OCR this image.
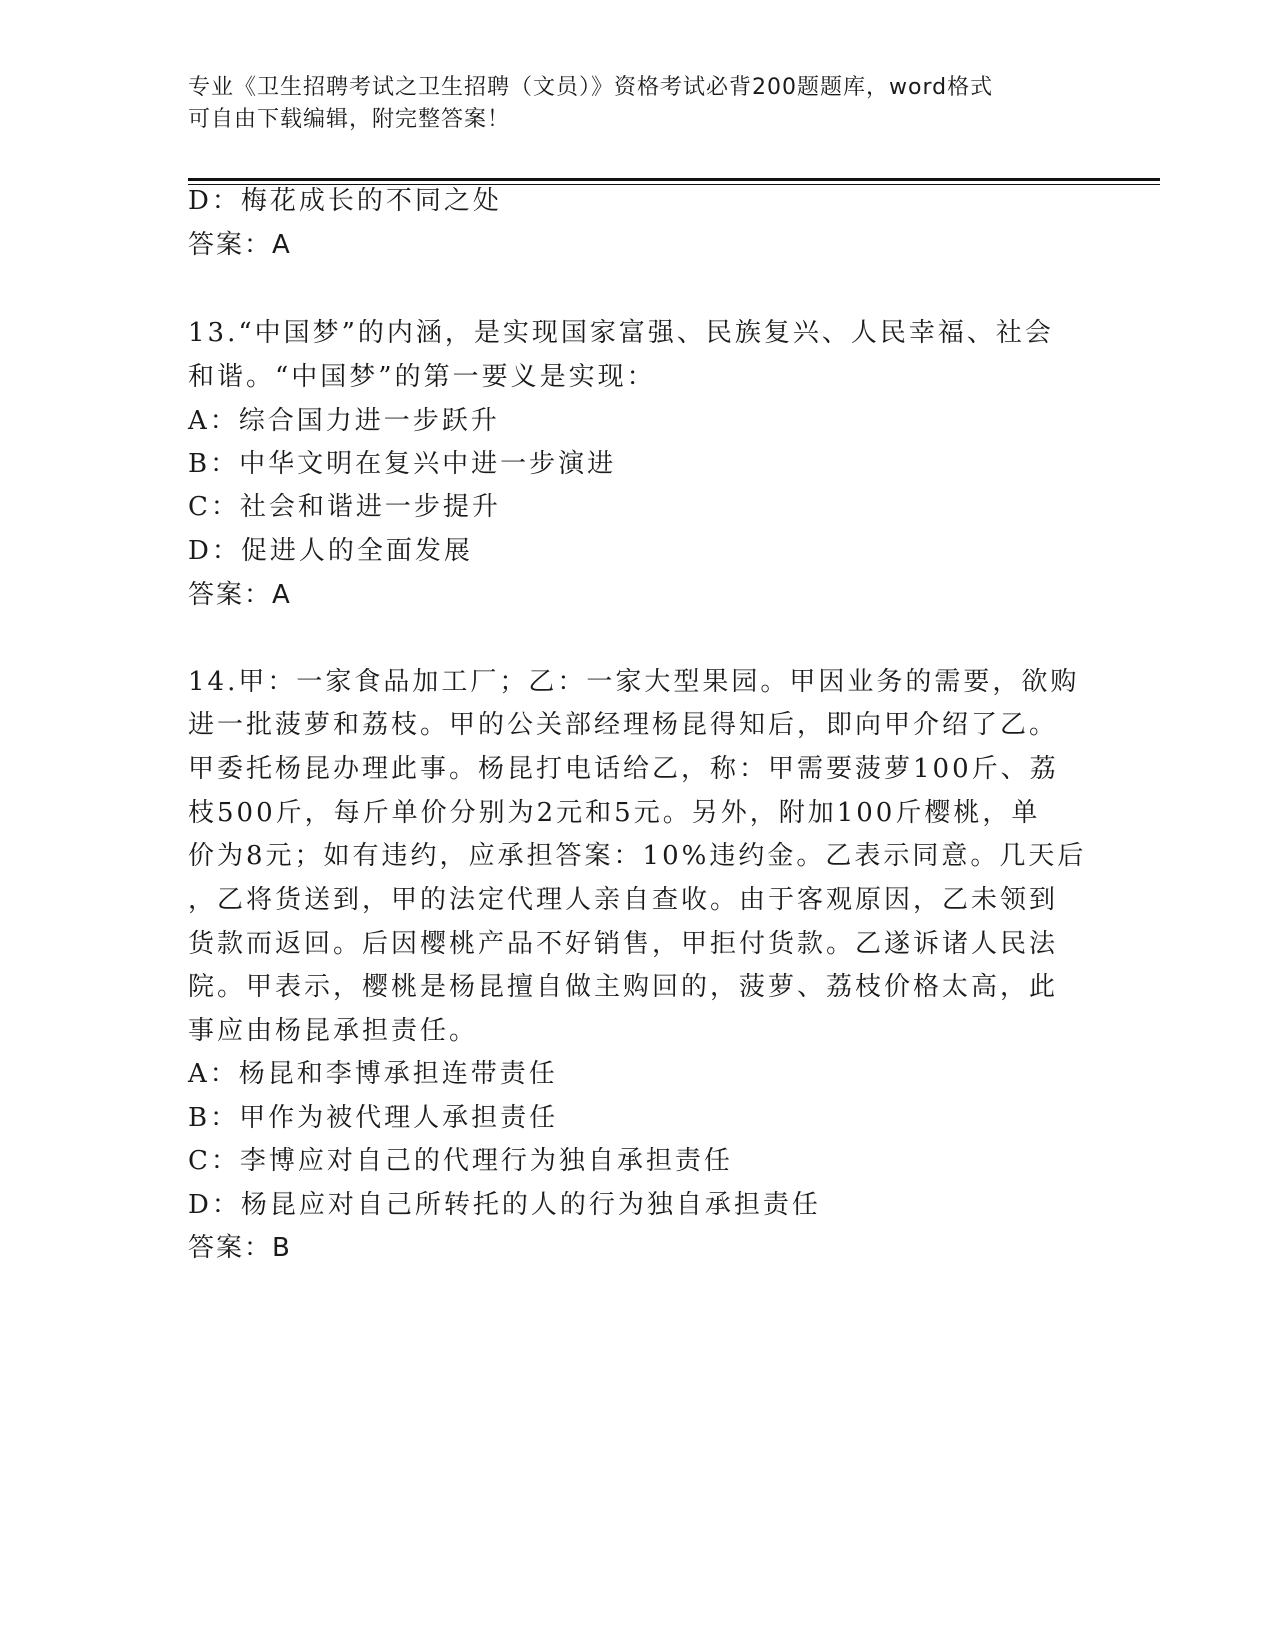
专业《卫生招聘考试之卫生招聘（文员）》资格考试必背200题题库，word格式
可自由下载编辑，附完整答案！
D：梅花成长的不同之处
答案：A
13.“中国梦”的内涵，是实现国家富强、民族复兴、人民幸福、社会
和谐。“中国梦”的第一要义是实现：
A：综合国力进一步跃升
B：中华文明在复兴中进一步演进
C：社会和谐进一步提升
D：促进人的全面发展
答案：A
14.甲：一家食品加工厂；乙：一家大型果园。甲因业务的需要，欲购
进一批菠萝和荔枝。甲的公关部经理杨昆得知后，即向甲介绍了乙。
甲委托杨昆办理此事。杨昆打电话给乙，称：甲需要菠萝100斤、荔
枝500斤，每斤单价分别为2元和5元。另外，附加100斤樱桃，单
价为8元；如有违约，应承担答案：10%违约金。乙表示同意。几天后
，乙将货送到，甲的法定代理人亲自查收。由于客观原因，乙未领到
货款而返回。后因樱桃产品不好销售，甲拒付货款。乙遂诉诸人民法
院。甲表示，樱桃是杨昆擅自做主购回的，菠萝、荔枝价格太高，此
事应由杨昆承担责任。
A：杨昆和李博承担连带责任
B：甲作为被代理人承担责任
C：李博应对自己的代理行为独自承担责任
D：杨昆应对自己所转托的人的行为独自承担责任
答案：B
